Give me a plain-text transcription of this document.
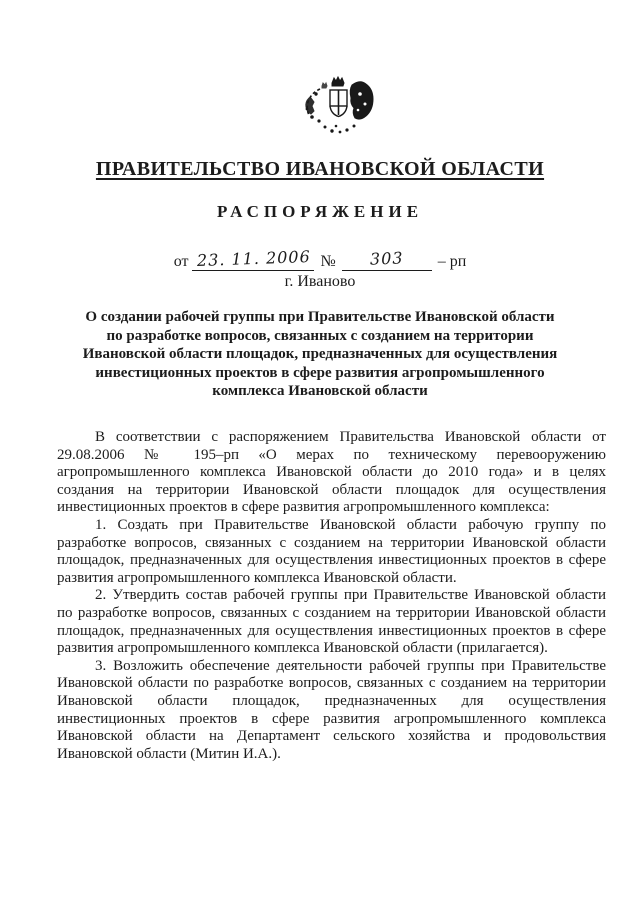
ПРАВИТЕЛЬСТВО ИВАНОВСКОЙ ОБЛАСТИ
РАСПОРЯЖЕНИЕ
от 23. 11. 2006 № 303 – рп
г. Иваново
О создании рабочей группы при Правительстве Ивановской области
по разработке вопросов, связанных с созданием на территории
Ивановской области площадок, предназначенных для осуществления
инвестиционных проектов в сфере развития агропромышленного
комплекса Ивановской области

В соответствии с распоряжением Правительства Ивановской области от 29.08.2006 № 195–рп «О мерах по техническому перевооружению агропромышленного комплекса Ивановской области до 2010 года» и в целях создания на территории Ивановской области площадок для осуществления инвестиционных проектов в сфере развития агропромышленного комплекса:

1. Создать при Правительстве Ивановской области рабочую группу по разработке вопросов, связанных с созданием на территории Ивановской области площадок, предназначенных для осуществления инвестиционных проектов в сфере развития агропромышленного комплекса Ивановской области.

2. Утвердить состав рабочей группы при Правительстве Ивановской области по разработке вопросов, связанных с созданием на территории Ивановской области площадок, предназначенных для осуществления инвестиционных проектов в сфере развития агропромышленного комплекса Ивановской области (прилагается).

3. Возложить обеспечение деятельности рабочей группы при Правительстве Ивановской области по разработке вопросов, связанных с созданием на территории Ивановской области площадок, предназначенных для осуществления инвестиционных проектов в сфере развития агропромышленного комплекса Ивановской области на Департамент сельского хозяйства и продовольствия Ивановской области (Митин И.А.).
